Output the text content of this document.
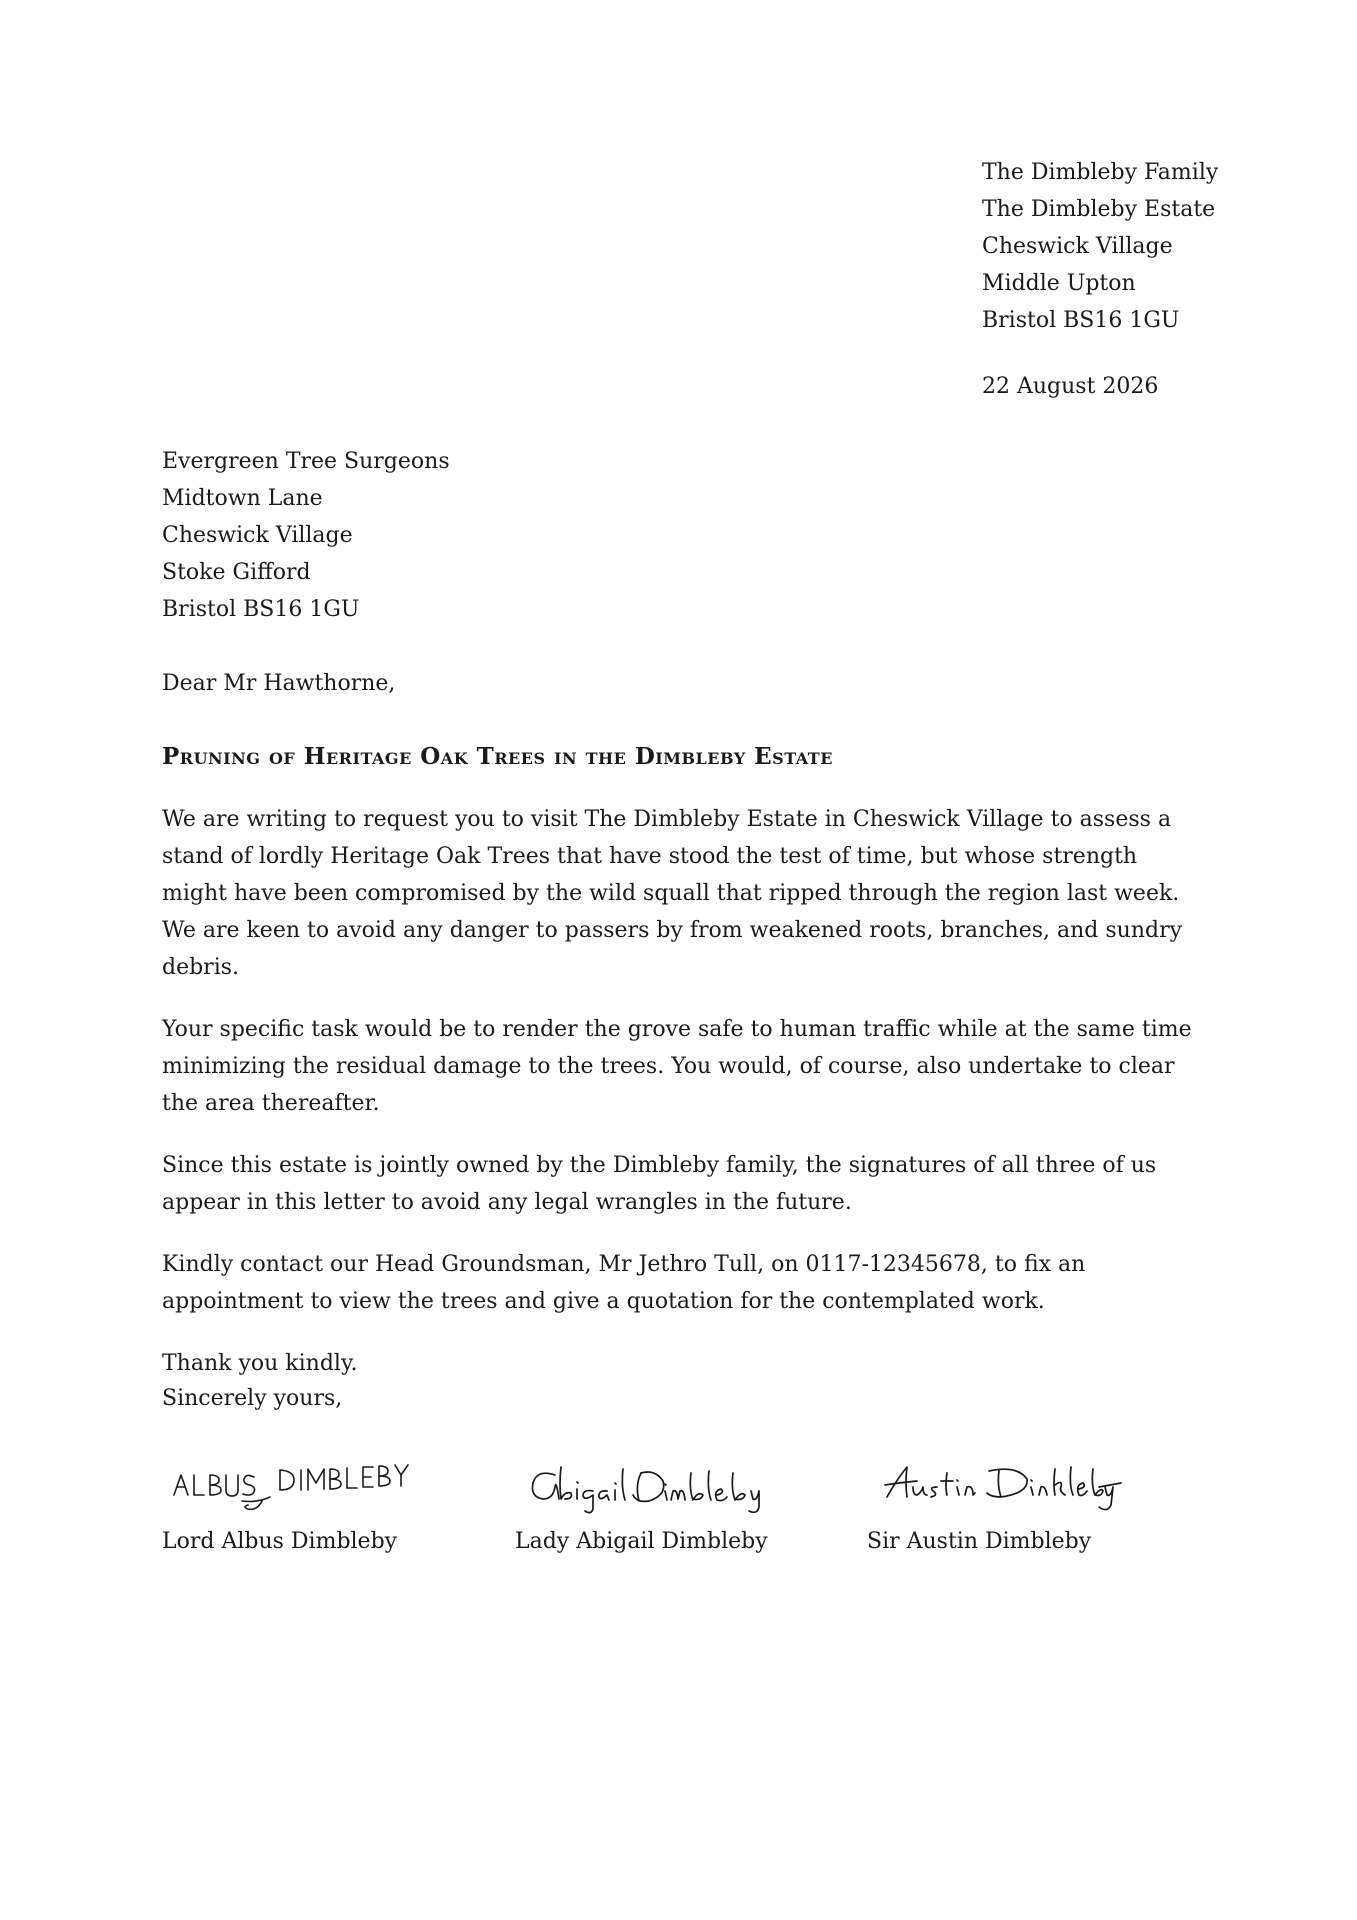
The Dimbleby Family
The Dimbleby Estate
Cheswick Village
Middle Upton
Bristol BS16 1GU
22 August 2026
Evergreen Tree Surgeons
Midtown Lane
Cheswick Village
Stoke Gifford
Bristol BS16 1GU
Dear Mr Hawthorne,
Pruning of Heritage Oak Trees in the Dimbleby Estate

We are writing to request you to visit The Dimbleby Estate in Cheswick Village to assess a stand of lordly Heritage Oak Trees that have stood the test of time, but whose strength might have been compromised by the wild squall that ripped through the region last week. We are keen to avoid any danger to passers by from weakened roots, branches, and sundry debris.

Your specific task would be to render the grove safe to human traffic while at the same time minimizing the residual damage to the trees. You would, of course, also undertake to clear the area thereafter.

Since this estate is jointly owned by the Dimbleby family, the signatures of all three of us appear in this letter to avoid any legal wrangles in the future.

Kindly contact our Head Groundsman, Mr Jethro Tull, on 0117-12345678, to fix an appointment to view the trees and give a quotation for the contemplated work.

Thank you kindly.

Sincerely yours,
Lord Albus Dimbleby	Lady Abigail Dimbleby	Sir Austin Dimbleby
